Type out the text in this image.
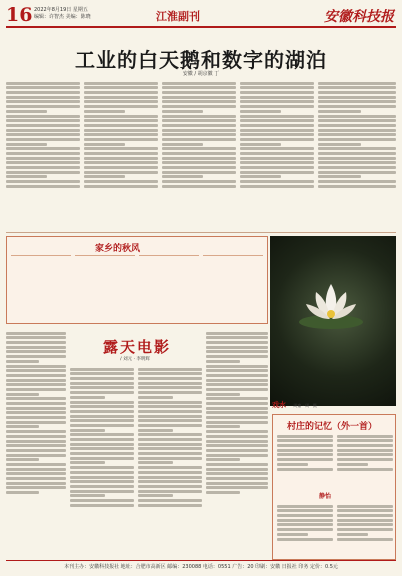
16 2022年8月19日 星期五
编辑：许智杰 美编：陈晓	江淮副刊	安徽科技报
工业的白天鹅和数字的湖泊
安徽 / 胡京徽 丁
家乡的秋风
戏水 周童 · 周 · 摄
露天电影
/ 刘元 · 李明辉
村庄的记忆（外一首）
静怡
本刊主办：安徽科技报社 地址：合肥市高新区 邮编：230088 电话：0551 广告：20 印刷：安徽 日报社 印务 定价：0.5元
